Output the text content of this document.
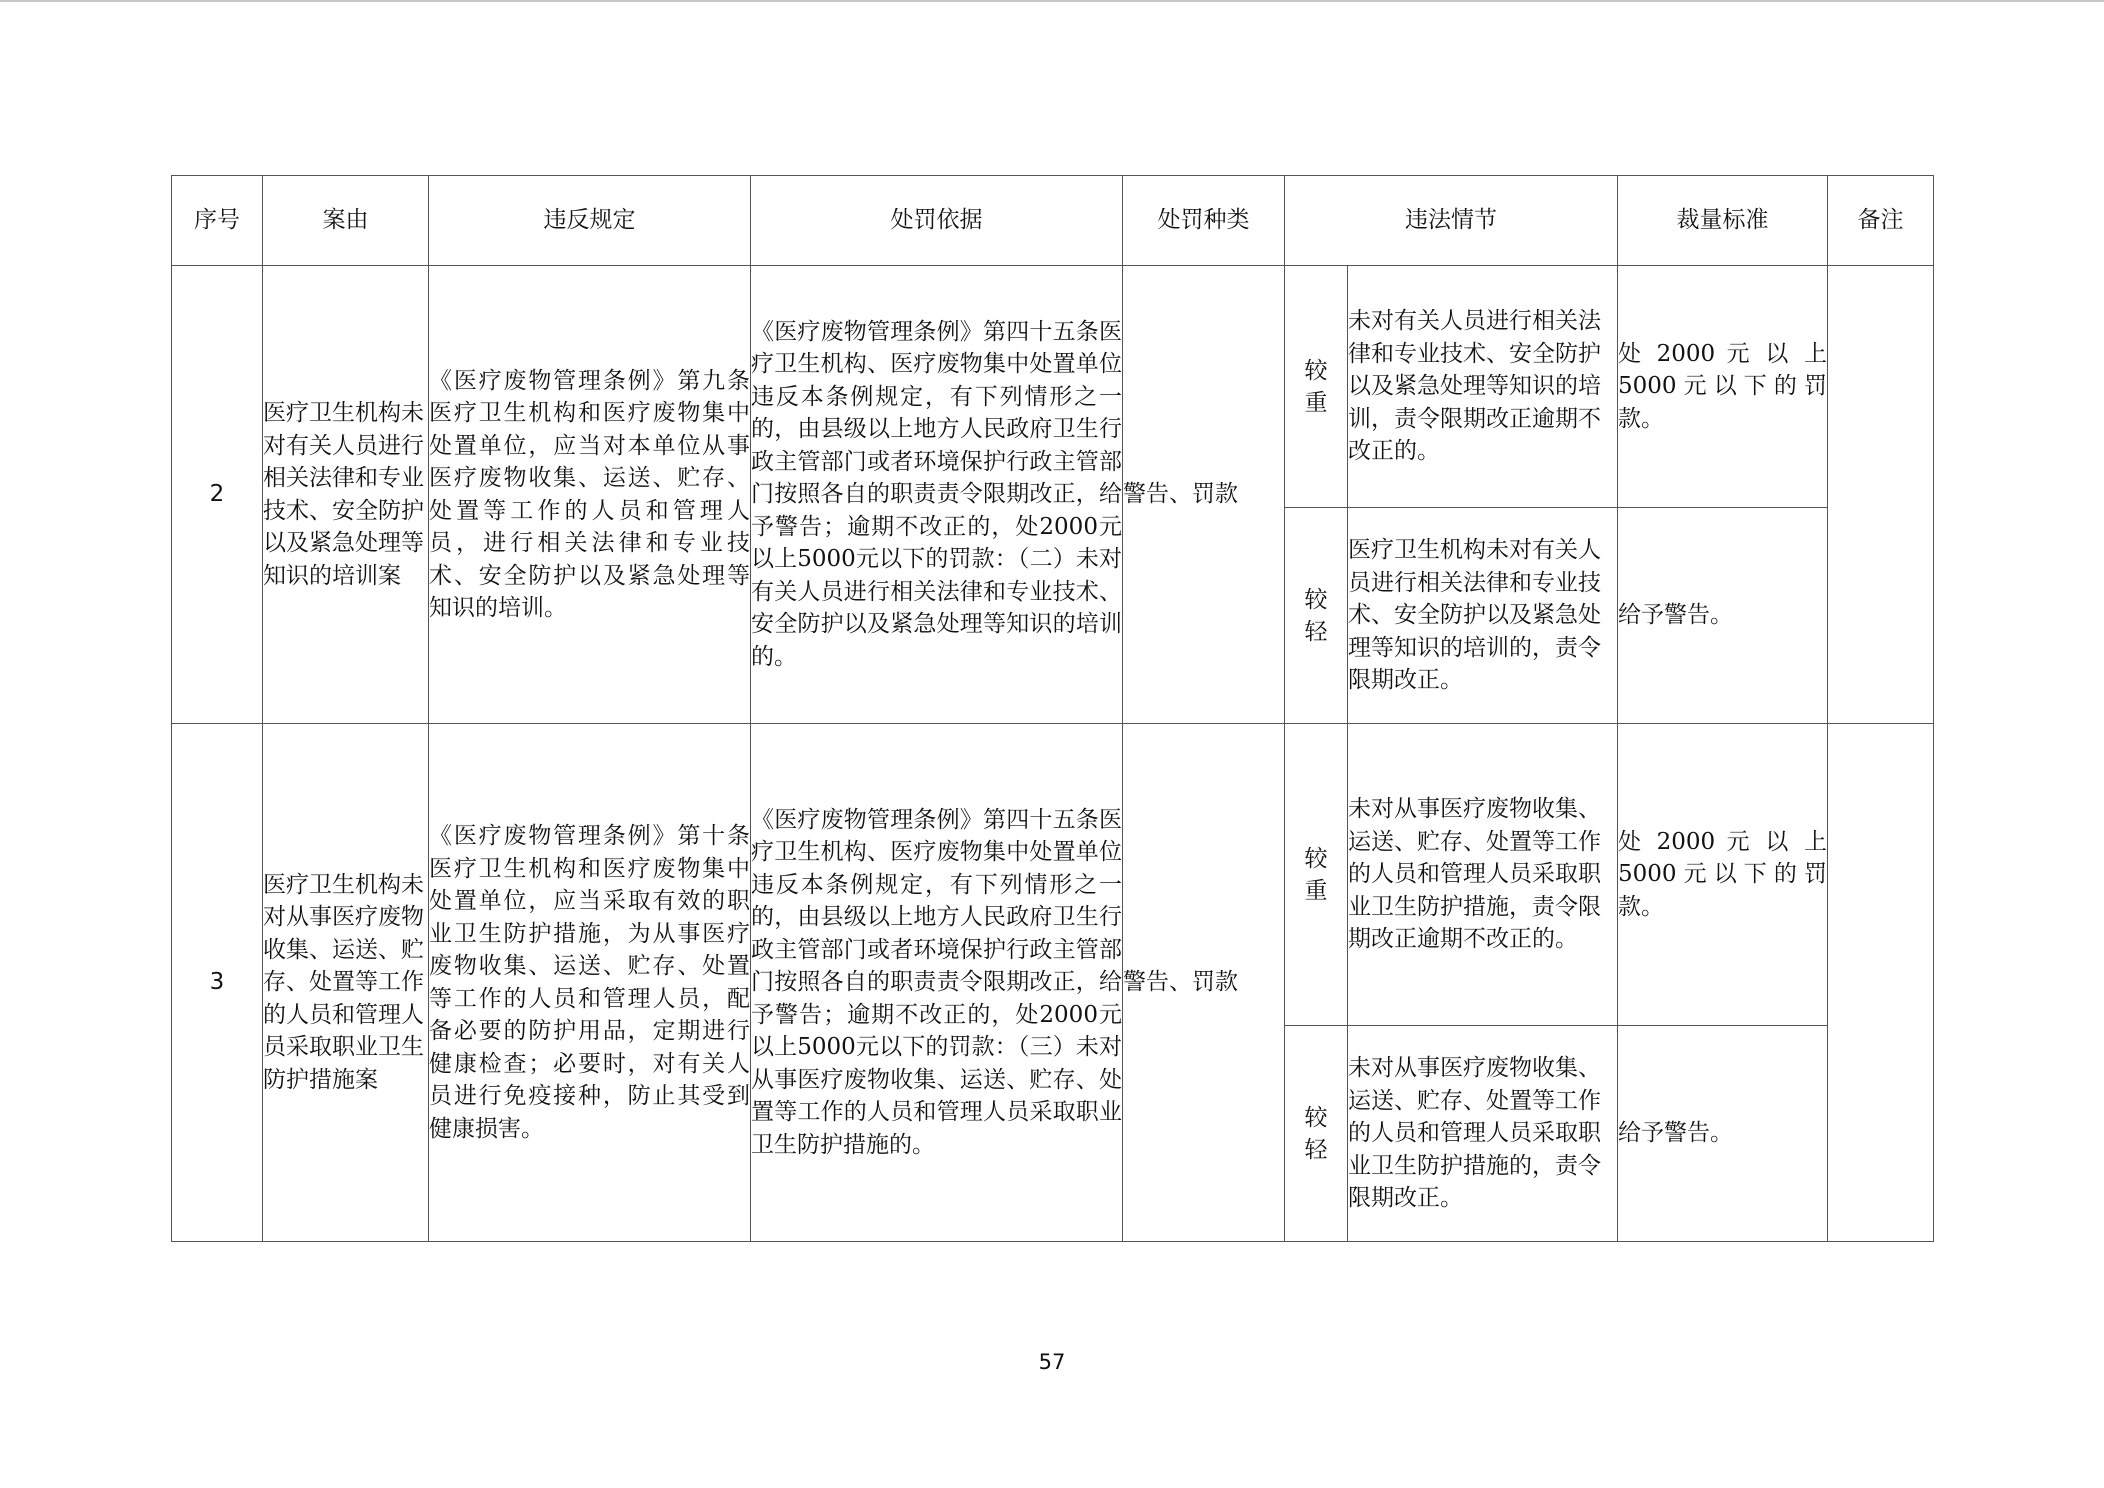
序号	案由	违反规定	处罚依据	处罚种类	违法情节		裁量标准	备注
2	医疗卫生机构未对有关人员进行相关法律和专业技术、安全防护以及紧急处理等知识的培训案	《医疗废物管理条例》第九条医疗卫生机构和医疗废物集中处置单位，应当对本单位从事医疗废物收集、运送、贮存、处置等工作的人员和管理人员，进行相关法律和专业技术、安全防护以及紧急处理等知识的培训。	《医疗废物管理条例》第四十五条医疗卫生机构、医疗废物集中处置单位违反本条例规定，有下列情形之一的，由县级以上地方人民政府卫生行政主管部门或者环境保护行政主管部门按照各自的职责责令限期改正，给予警告；逾期不改正的，处2000元以上5000元以下的罚款：（二）未对有关人员进行相关法律和专业技术、安全防护以及紧急处理等知识的培训的。	警告、罚款	较重	未对有关人员进行相关法律和专业技术、安全防护以及紧急处理等知识的培训，责令限期改正逾期不改正的。	处 2000 元 以 上 5000元以下的罚款。	

					较轻	医疗卫生机构未对有关人员进行相关法律和专业技术、安全防护以及紧急处理等知识的培训的，责令限期改正。	给予警告。	
3	医疗卫生机构未对从事医疗废物收集、运送、贮存、处置等工作的人员和管理人员采取职业卫生防护措施案	《医疗废物管理条例》第十条医疗卫生机构和医疗废物集中处置单位，应当采取有效的职业卫生防护措施，为从事医疗废物收集、运送、贮存、处置等工作的人员和管理人员，配备必要的防护用品，定期进行健康检查；必要时，对有关人员进行免疫接种，防止其受到健康损害。	《医疗废物管理条例》第四十五条医疗卫生机构、医疗废物集中处置单位违反本条例规定，有下列情形之一的，由县级以上地方人民政府卫生行政主管部门或者环境保护行政主管部门按照各自的职责责令限期改正，给予警告；逾期不改正的，处2000元以上5000元以下的罚款：（三）未对从事医疗废物收集、运送、贮存、处置等工作的人员和管理人员采取职业卫生防护措施的。	警告、罚款	较重	未对从事医疗废物收集、运送、贮存、处置等工作的人员和管理人员采取职业卫生防护措施，责令限期改正逾期不改正的。	处 2000 元 以 上 5000元以下的罚款。	

					较轻	未对从事医疗废物收集、运送、贮存、处置等工作的人员和管理人员采取职业卫生防护措施的，责令限期改正。	给予警告。	
57
